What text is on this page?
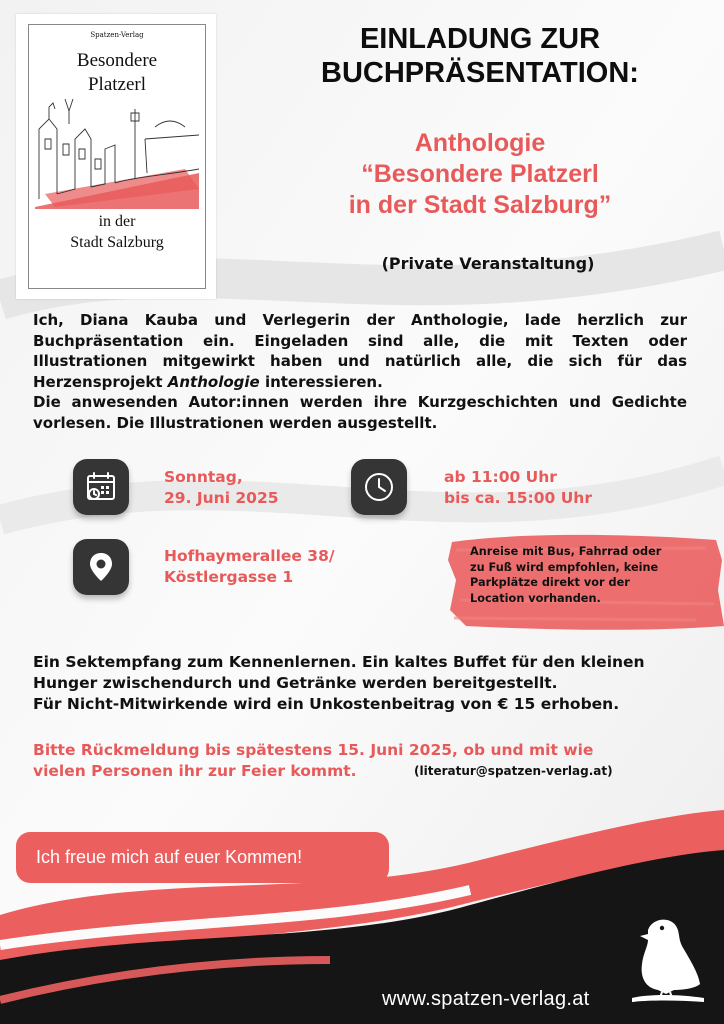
Spatzen-Verlag
Besondere
Platzerl
in der
Stadt Salzburg
EINLADUNG ZUR
BUCHPRÄSENTATION:
Anthologie
“Besondere Platzerl
in der Stadt Salzburg”
(Private Veranstaltung)
Ich, Diana Kauba und Verlegerin der Anthologie, lade herzlich zur Buchpräsentation ein. Eingeladen sind alle, die mit Texten oder Illustrationen mitgewirkt haben und natürlich alle, die sich für das Herzensprojekt Anthologie interessieren.
Die anwesenden Autor:innen werden ihre Kurzgeschichten und Gedichte vorlesen. Die Illustrationen werden ausgestellt.
Sonntag,
29. Juni 2025
ab 11:00 Uhr
bis ca. 15:00 Uhr
Hofhaymerallee 38/
Köstlergasse 1
Anreise mit Bus, Fahrrad oder
zu Fuß wird empfohlen, keine
Parkplätze direkt vor der
Location vorhanden.
Ein Sektempfang zum Kennenlernen. Ein kaltes Buffet für den kleinen
Hunger zwischendurch und Getränke werden bereitgestellt.
Für Nicht-Mitwirkende wird ein Unkostenbeitrag von € 15 erhoben.
Bitte Rückmeldung bis spätestens 15. Juni 2025, ob und mit wie
vielen Personen ihr zur Feier kommt.	(literatur@spatzen-verlag.at)
Ich freue mich auf euer Kommen!
www.spatzen-verlag.at
